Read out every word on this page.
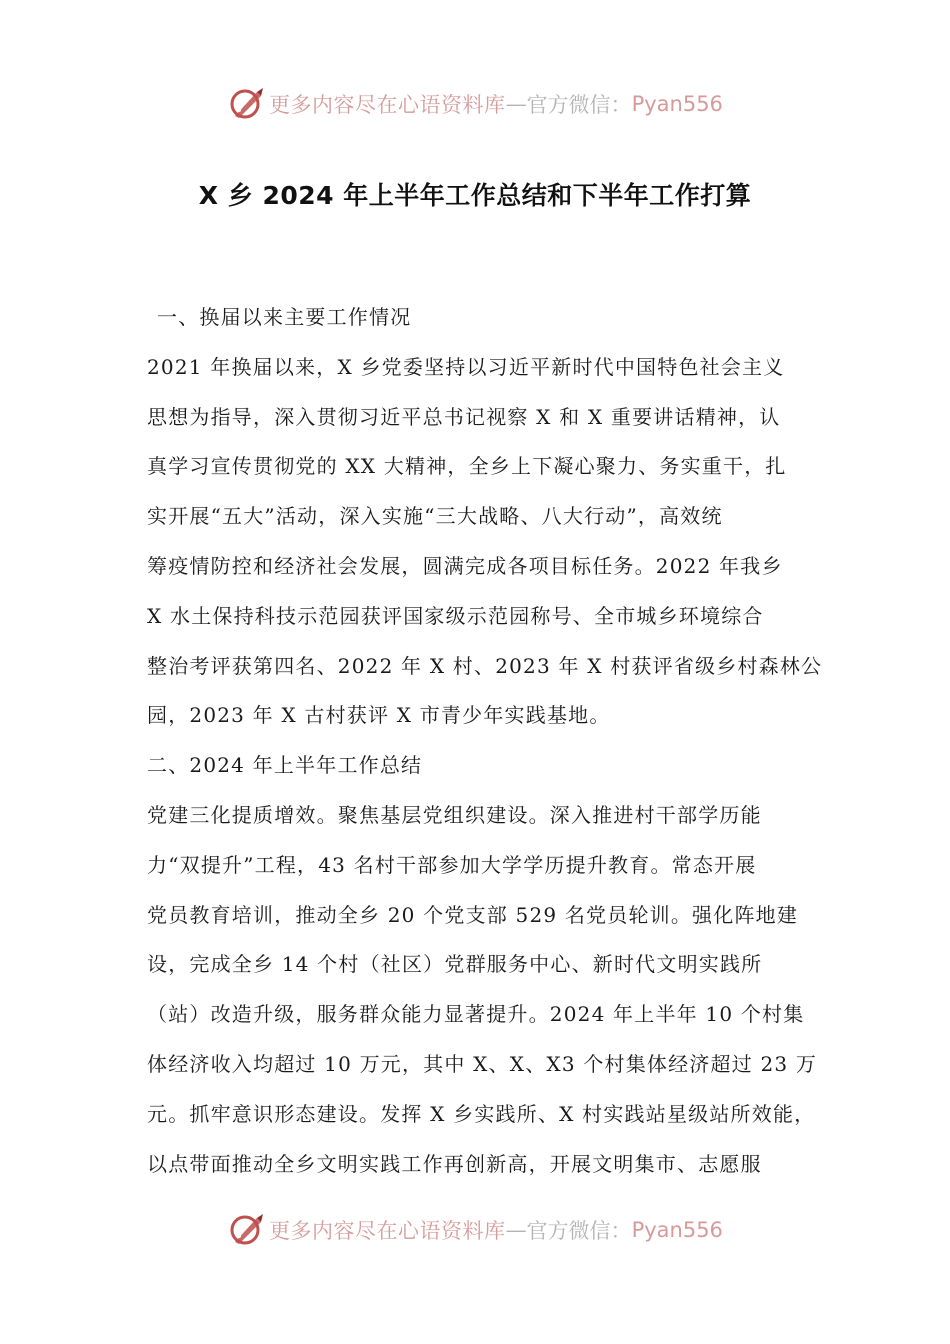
更多内容尽在心语资料库 — 官方微信： Pyan556
X 乡 2024 年上半年工作总结和下半年工作打算
一、换届以来主要工作情况
2021 年换届以来，X 乡党委坚持以习近平新时代中国特色社会主义
思想为指导，深入贯彻习近平总书记视察 X 和 X 重要讲话精神，认
真学习宣传贯彻党的 XX 大精神，全乡上下凝心聚力、务实重干，扎
实开展“五大”活动，深入实施“三大战略、八大行动”，高效统
筹疫情防控和经济社会发展，圆满完成各项目标任务。2022 年我乡
X 水土保持科技示范园获评国家级示范园称号、全市城乡环境综合
整治考评获第四名、2022 年 X 村、2023 年 X 村获评省级乡村森林公
园，2023 年 X 古村获评 X 市青少年实践基地。
二、2024 年上半年工作总结
党建三化提质增效。聚焦基层党组织建设。深入推进村干部学历能
力“双提升”工程，43 名村干部参加大学学历提升教育。常态开展
党员教育培训，推动全乡 20 个党支部 529 名党员轮训。强化阵地建
设，完成全乡 14 个村（社区）党群服务中心、新时代文明实践所
（站）改造升级，服务群众能力显著提升。2024 年上半年 10 个村集
体经济收入均超过 10 万元，其中 X、X、X3 个村集体经济超过 23 万
元。抓牢意识形态建设。发挥 X 乡实践所、X 村实践站星级站所效能，
以点带面推动全乡文明实践工作再创新高，开展文明集市、志愿服
更多内容尽在心语资料库 — 官方微信： Pyan556
